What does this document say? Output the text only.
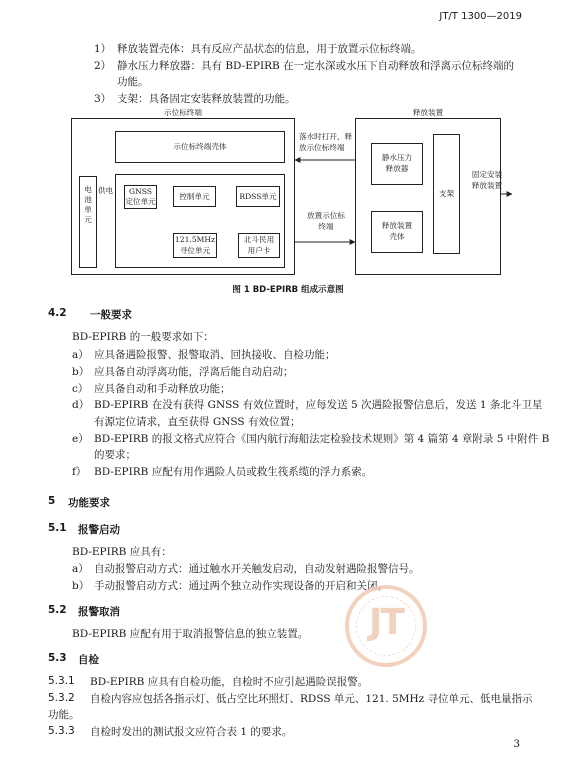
JT/T 1300—2019
1） 释放装置壳体：具有反应产品状态的信息，用于放置示位标终端。
2） 静水压力释放器：具有 BD-EPIRB 在一定水深或水压下自动释放和浮离示位标终端的
功能。
3） 支架：具备固定安装释放装置的功能。
示位标终端	释放装置
示位标终端壳体
电池单元
供电	GNSS
定位单元
控制单元	RDSS单元
121.5MHz
寻位单元
北斗民用
用户卡
落水时打开，释
放示位标终端
放置示位标
终端
静水压力
释放器
释放装置
壳体
支架
固定安装
释放装置
图 1 BD-EPIRB 组成示意图
4.2 一般要求
BD-EPIRB 的一般要求如下：
a） 应具备遇险报警、报警取消、回执接收、自检功能；
b） 应具备自动浮离功能，浮离后能自动启动；
c） 应具备自动和手动释放功能；
d） BD-EPIRB 在没有获得 GNSS 有效位置时，应每发送 5 次遇险报警信息后，发送 1 条北斗卫星
有源定位请求，直至获得 GNSS 有效位置；
e） BD-EPIRB 的报文格式应符合《国内航行海船法定检验技术规则》第 4 篇第 4 章附录 5 中附件 B
的要求；
f） BD-EPIRB 应配有用作遇险人员或救生筏系缆的浮力系索。
5 功能要求
5.1 报警启动
BD-EPIRB 应具有：
a） 自动报警启动方式：通过触水开关触发启动，自动发射遇险报警信号。
b） 手动报警启动方式：通过两个独立动作实现设备的开启和关闭。
5.2 报警取消
BD-EPIRB 应配有用于取消报警信息的独立装置。
5.3 自检
5.3.1 BD-EPIRB 应具有自检功能，自检时不应引起遇险误报警。
5.3.2 自检内容应包括各指示灯、低占空比环照灯、RDSS 单元、121. 5MHz 寻位单元、低电量指示
功能。
5.3.3 自检时发出的测试报文应符合表 1 的要求。
JT
3
